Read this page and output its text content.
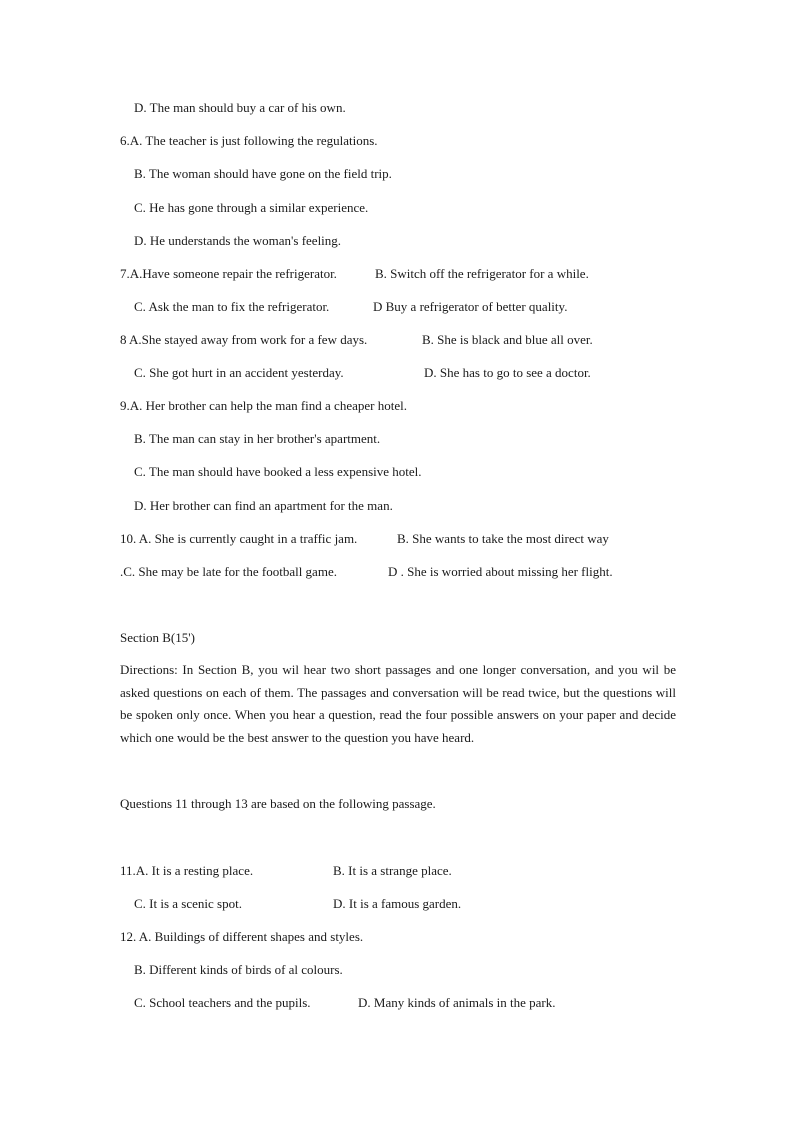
D. The man should buy a car of his own.
6.A. The teacher is just following the regulations.
B. The woman should have gone on the field trip.
C. He has gone through a similar experience.
D. He understands the woman's feeling.
7.A.Have someone repair the refrigerator.	B. Switch off the refrigerator for a while.
C. Ask the man to fix the refrigerator.	D Buy a refrigerator of better quality.
8 A.She stayed away from work for a few days.	B. She is black and blue all over.
C. She got hurt in an accident yesterday.	D. She has to go to see a doctor.
9.A. Her brother can help the man find a cheaper hotel.
B. The man can stay in her brother's apartment.
C. The man should have booked a less expensive hotel.
D. Her brother can find an apartment for the man.
10. A. She is currently caught in a traffic jam.	B. She wants to take the most direct way
.C. She may be late for the football game.	D . She is worried about missing her flight.
Section B(15')
Directions: In Section B, you wil hear two short passages and one longer conversation, and you wil be asked questions on each of them. The passages and conversation will be read twice, but the questions will be spoken only once. When you hear a question, read the four possible answers on your paper and decide which one would be the best answer to the question you have heard.
Questions 11 through 13 are based on the following passage.
11.A. It is a resting place.	B. It is a strange place.
C. It is a scenic spot.	D. It is a famous garden.
12. A. Buildings of different shapes and styles.
B. Different kinds of birds of al colours.
C. School teachers and the pupils.	D. Many kinds of animals in the park.
